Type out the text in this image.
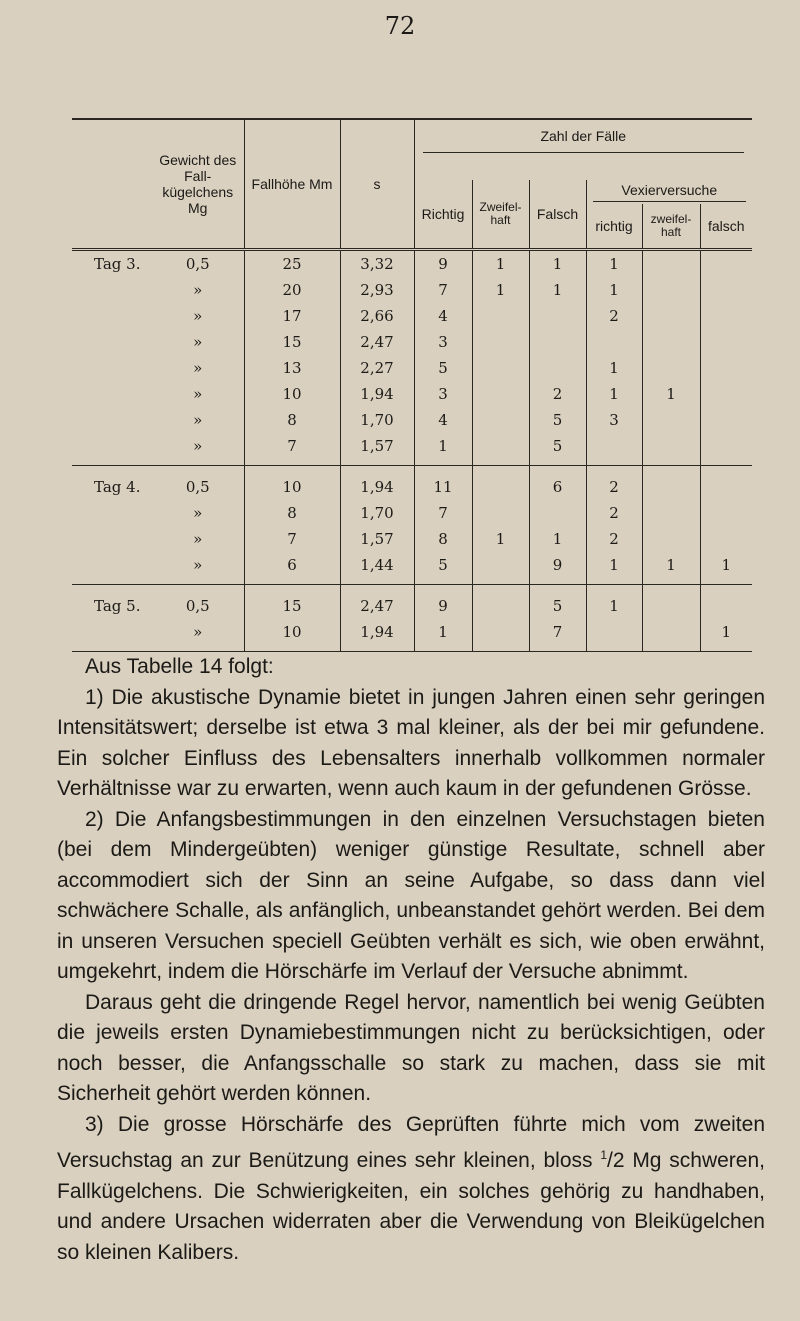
72
	Gewicht des Fall- kügelchens Mg	Fallhöhe Mm	s	Zahl der Fälle					

				Richtig	Zweifel- haft	Falsch	Vexierversuche		

							richtig	zweifel- haft	falsch
Tag 3.	0,5	25	3,32	9	1	1	1		
	»	20	2,93	7	1	1	1		
	»	17	2,66	4			2		
	»	15	2,47	3					
	»	13	2,27	5			1		
	»	10	1,94	3		2	1	1	
	»	8	1,70	4		5	3		
	»	7	1,57	1		5			
Tag 4.	0,5	10	1,94	11		6	2		
	»	8	1,70	7			2		
	»	7	1,57	8	1	1	2		
	»	6	1,44	5		9	1	1	1
Tag 5.	0,5	15	2,47	9		5	1		
	»	10	1,94	1		7			1

Aus Tabelle 14 folgt:

1) Die akustische Dynamie bietet in jungen Jahren einen sehr geringen Intensitätswert; derselbe ist etwa 3 mal kleiner, als der bei mir gefundene. Ein solcher Einfluss des Lebensalters innerhalb vollkommen normaler Verhältnisse war zu erwarten, wenn auch kaum in der gefundenen Grösse.

2) Die Anfangsbestimmungen in den einzelnen Versuchstagen bieten (bei dem Mindergeübten) weniger günstige Resultate, schnell aber accommodiert sich der Sinn an seine Aufgabe, so dass dann viel schwächere Schalle, als anfänglich, unbeanstandet gehört werden. Bei dem in unseren Versuchen speciell Geübten verhält es sich, wie oben erwähnt, umgekehrt, indem die Hörschärfe im Verlauf der Versuche abnimmt.

Daraus geht die dringende Regel hervor, namentlich bei wenig Geübten die jeweils ersten Dynamiebestimmungen nicht zu berücksichtigen, oder noch besser, die Anfangsschalle so stark zu machen, dass sie mit Sicherheit gehört werden können.

3) Die grosse Hörschärfe des Geprüften führte mich vom zweiten Versuchstag an zur Benützung eines sehr kleinen, bloss $^1$/2 Mg schweren, Fallkügelchens. Die Schwierigkeiten, ein solches gehörig zu handhaben, und andere Ursachen widerraten aber die Verwendung von Bleikügelchen so kleinen Kalibers.
